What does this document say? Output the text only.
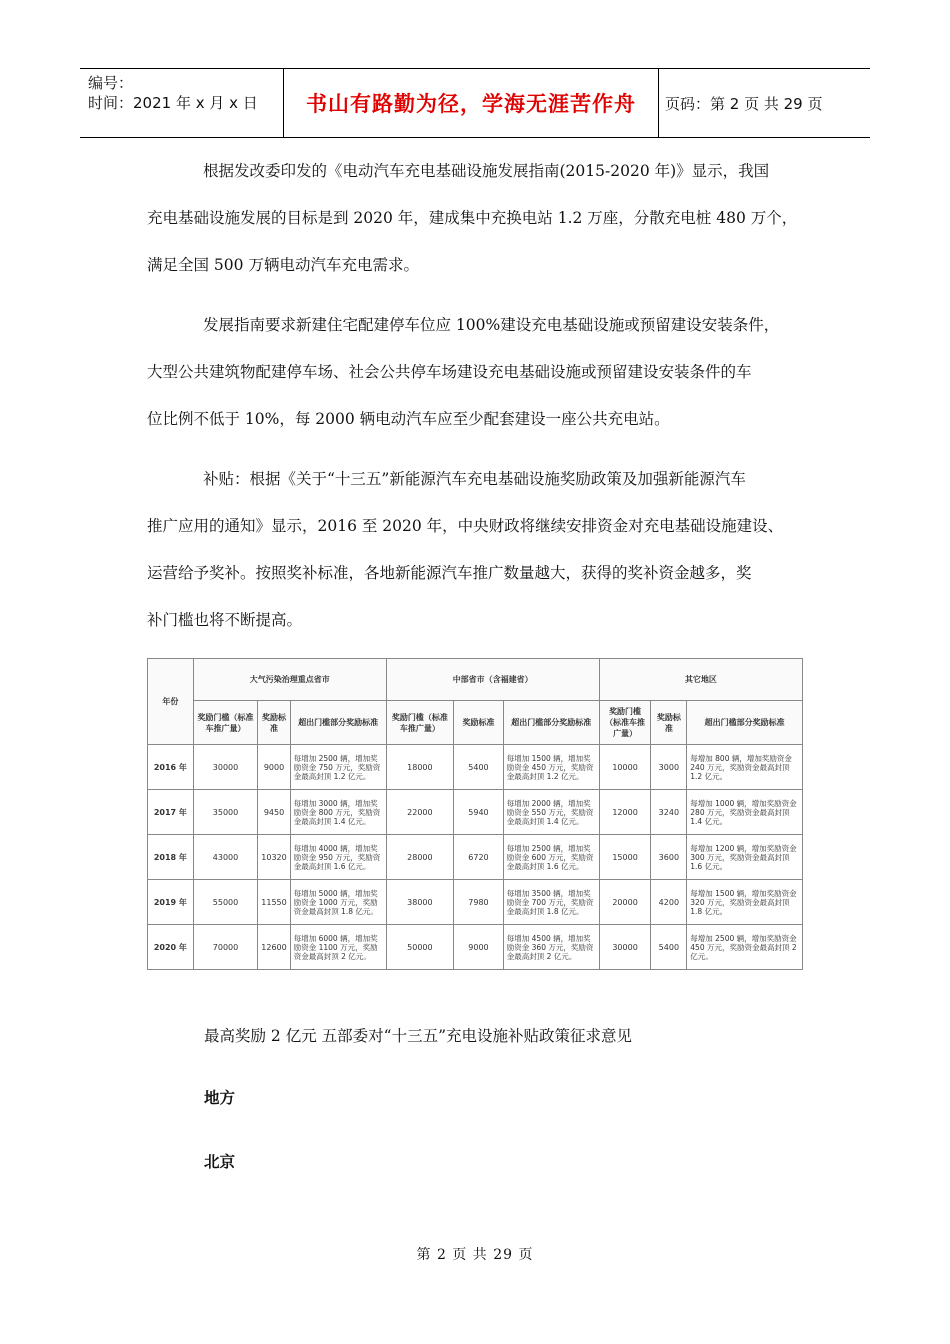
编号：
时间：2021 年 x 月 x 日	书山有路勤为径，学海无涯苦作舟	页码：第 2 页 共 29 页
根据发改委印发的《电动汽车充电基础设施发展指南(2015-2020 年)》显示，我国
充电基础设施发展的目标是到 2020 年，建成集中充换电站 1.2 万座，分散充电桩 480 万个，
满足全国 500 万辆电动汽车充电需求。
发展指南要求新建住宅配建停车位应 100%建设充电基础设施或预留建设安装条件，
大型公共建筑物配建停车场、社会公共停车场建设充电基础设施或预留建设安装条件的车
位比例不低于 10%，每 2000 辆电动汽车应至少配套建设一座公共充电站。
补贴：根据《关于“十三五”新能源汽车充电基础设施奖励政策及加强新能源汽车
推广应用的通知》显示，2016 至 2020 年，中央财政将继续安排资金对充电基础设施建设、
运营给予奖补。按照奖补标准，各地新能源汽车推广数量越大，获得的奖补资金越多，奖
补门槛也将不断提高。
年份	大气污染治理重点省市			中部省市（含福建省）			其它地区		
	奖励门槛（标准车推广量）	奖励标准	超出门槛部分奖励标准	奖励门槛（标准车推广量）	奖励标准	超出门槛部分奖励标准	奖励门槛（标准车推广量）	奖励标准	超出门槛部分奖励标准
2016 年	30000	9000	每增加 2500 辆，增加奖励资金 750 万元，奖励资金最高封顶 1.2 亿元。	18000	5400	每增加 1500 辆，增加奖励资金 450 万元，奖励资金最高封顶 1.2 亿元。	10000	3000	每增加 800 辆，增加奖励资金 240 万元，奖励资金最高封顶 1.2 亿元。
2017 年	35000	9450	每增加 3000 辆，增加奖励资金 800 万元，奖励资金最高封顶 1.4 亿元。	22000	5940	每增加 2000 辆，增加奖励资金 550 万元，奖励资金最高封顶 1.4 亿元。	12000	3240	每增加 1000 辆，增加奖励资金 280 万元，奖励资金最高封顶 1.4 亿元。
2018 年	43000	10320	每增加 4000 辆，增加奖励资金 950 万元，奖励资金最高封顶 1.6 亿元。	28000	6720	每增加 2500 辆，增加奖励资金 600 万元，奖励资金最高封顶 1.6 亿元。	15000	3600	每增加 1200 辆，增加奖励资金 300 万元，奖励资金最高封顶 1.6 亿元。
2019 年	55000	11550	每增加 5000 辆，增加奖励资金 1000 万元，奖励资金最高封顶 1.8 亿元。	38000	7980	每增加 3500 辆，增加奖励资金 700 万元，奖励资金最高封顶 1.8 亿元。	20000	4200	每增加 1500 辆，增加奖励资金 320 万元，奖励资金最高封顶 1.8 亿元。
2020 年	70000	12600	每增加 6000 辆，增加奖励资金 1100 万元，奖励资金最高封顶 2 亿元。	50000	9000	每增加 4500 辆，增加奖励资金 360 万元，奖励资金最高封顶 2 亿元。	30000	5400	每增加 2500 辆，增加奖励资金 450 万元，奖励资金最高封顶 2 亿元。
最高奖励 2 亿元 五部委对“十三五”充电设施补贴政策征求意见
地方
北京
第 2 页 共 29 页
